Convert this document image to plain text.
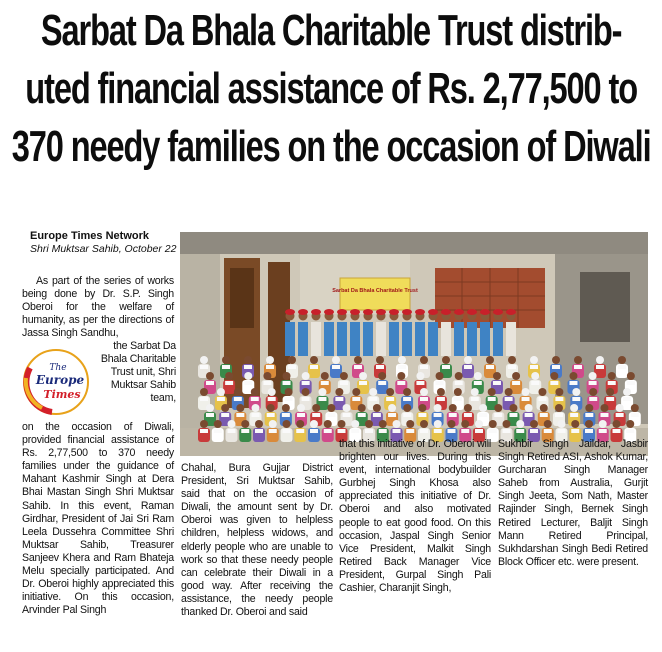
Sarbat Da Bhala Charitable Trust distrib-
uted financial assistance of Rs. 2,77,500 to
370 needy families on the occasion of Diwali
Europe Times Network
Shri Muktsar Sahib, October 22

As part of the series of works being done by Dr. S.P. Singh Oberoi for the welfare of humanity, as per the directions of Jassa Singh Sandhu,

The
Europe
Times

the Sarbat Da Bhala Charitable Trust unit, Shri Muktsar Sahib team,

on the occasion of Diwali, provided financial assistance of Rs. 2,77,500 to 370 needy families under the guidance of Mahant Kashmir Singh at Dera Bhai Mastan Singh Shri Muktsar Sahib. In this event, Raman Girdhar, President of Jai Sri Ram Leela Dussehra Committee Shri Muktsar Sahib, Treasurer Sanjeev Khera and Ram Bhateja Melu specially participated. And Dr. Oberoi highly appreciated this initiative. On this occasion, Arvinder Pal Singh

Sarbat Da Bhala Charitable Trust

Chahal, Bura Gujjar District President, Sri Muktsar Sahib, said that on the occasion of Diwali, the amount sent by Dr. Oberoi was given to helpless children, helpless widows, and elderly people who are unable to work so that these needy people can celebrate their Diwali in a good way. After receiving the assistance, the needy people thanked Dr. Oberoi and said

that this initiative of Dr. Oberoi will brighten our lives. During this event, international bodybuilder Gurbhej Singh Khosa also appreciated this initiative of Dr. Oberoi and also motivated people to eat good food. On this occasion, Jaspal Singh Senior Vice President, Malkit Singh Retired Back Manager Vice President, Gurpal Singh Pali Cashier, Charanjit Singh,

Sukhbir Singh Jaildar, Jasbir Singh Retired ASI, Ashok Kumar, Gurcharan Singh Manager Saheb from Australia, Gurjit Singh Jeeta, Som Nath, Master Rajinder Singh, Bernek Singh Retired Lecturer, Baljit Singh Mann Retired Principal, Sukhdarshan Singh Bedi Retired Block Officer etc. were present.
